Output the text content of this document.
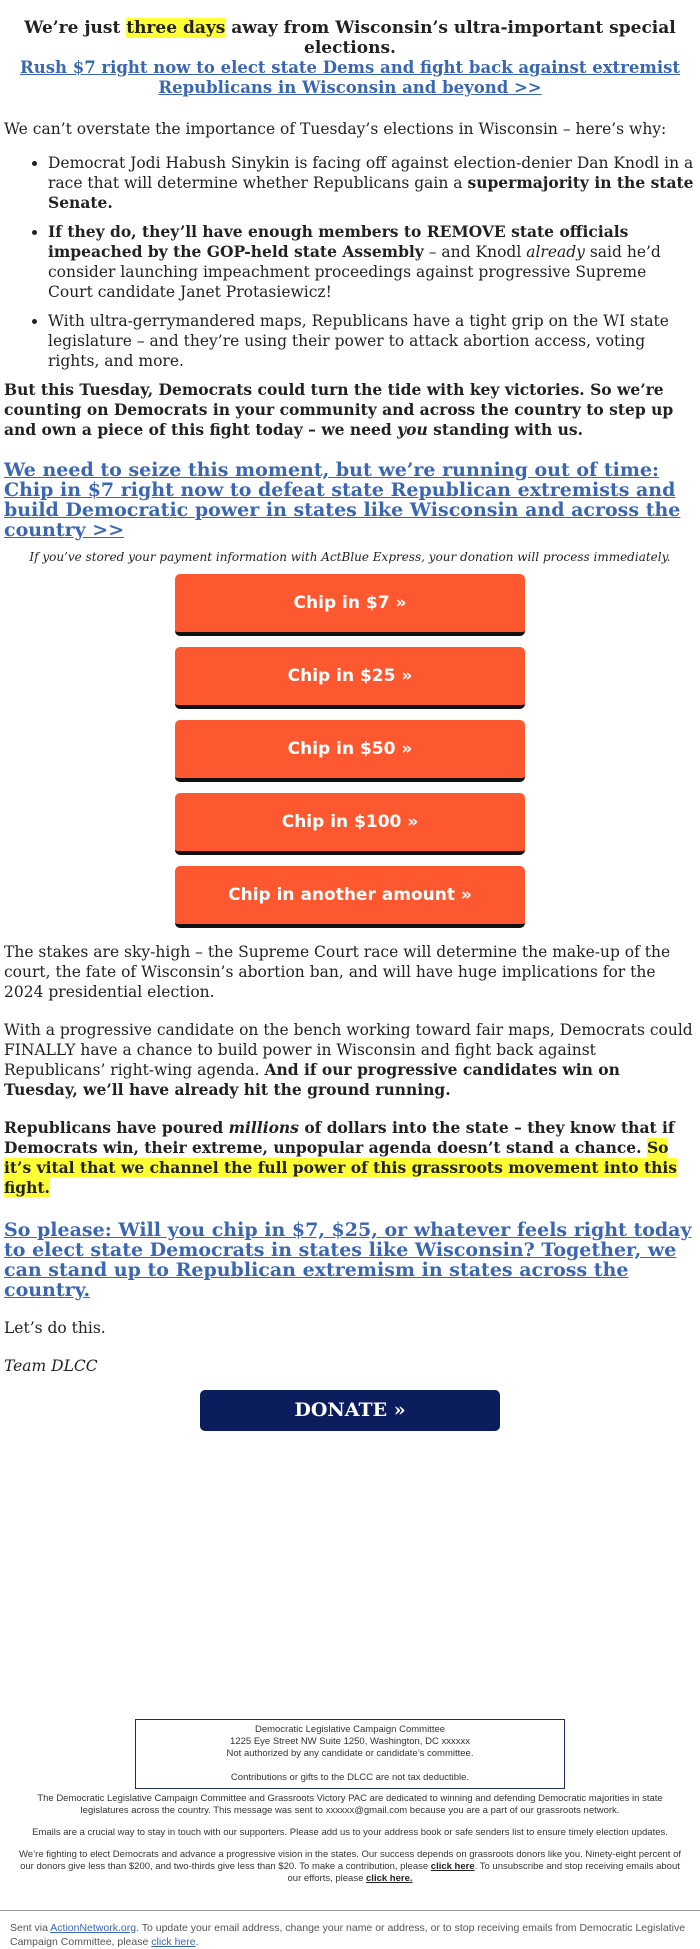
We’re just three days away from Wisconsin’s ultra-important special elections.
Rush $7 right now to elect state Dems and fight back against extremist Republicans in Wisconsin and beyond >>

We can’t overstate the importance of Tuesday’s elections in Wisconsin – here’s why:

• Democrat Jodi Habush Sinykin is facing off against election-denier Dan Knodl in a race that will determine whether Republicans gain a supermajority in the state Senate.
• If they do, they’ll have enough members to REMOVE state officials impeached by the GOP-held state Assembly – and Knodl already said he’d consider launching impeachment proceedings against progressive Supreme Court candidate Janet Protasiewicz!
• With ultra-gerrymandered maps, Republicans have a tight grip on the WI state legislature – and they’re using their power to attack abortion access, voting rights, and more.

But this Tuesday, Democrats could turn the tide with key victories. So we’re counting on Democrats in your community and across the country to step up and own a piece of this fight today – we need you standing with us.

We need to seize this moment, but we’re running out of time: Chip in $7 right now to defeat state Republican extremists and build Democratic power in states like Wisconsin and across the country >>

If you’ve stored your payment information with ActBlue Express, your donation will process immediately.

Chip in $7 »
Chip in $25 »
Chip in $50 »
Chip in $100 »
Chip in another amount »

The stakes are sky-high – the Supreme Court race will determine the make-up of the court, the fate of Wisconsin’s abortion ban, and will have huge implications for the 2024 presidential election.

With a progressive candidate on the bench working toward fair maps, Democrats could FINALLY have a chance to build power in Wisconsin and fight back against Republicans’ right-wing agenda. And if our progressive candidates win on Tuesday, we’ll have already hit the ground running.

Republicans have poured millions of dollars into the state – they know that if Democrats win, their extreme, unpopular agenda doesn’t stand a chance. So it’s vital that we channel the full power of this grassroots movement into this fight.

So please: Will you chip in $7, $25, or whatever feels right today to elect state Democrats in states like Wisconsin? Together, we can stand up to Republican extremism in states across the country.

Let’s do this.

Team DLCC

DONATE »
Democratic Legislative Campaign Committee
1225 Eye Street NW Suite 1250, Washington, DC xxxxxx
Not authorized by any candidate or candidate’s committee.
Contributions or gifts to the DLCC are not tax deductible.

The Democratic Legislative Campaign Committee and Grassroots Victory PAC are dedicated to winning and defending Democratic majorities in state legislatures across the country. This message was sent to xxxxxx@gmail.com because you are a part of our grassroots network.

Emails are a crucial way to stay in touch with our supporters. Please add us to your address book or safe senders list to ensure timely election updates.

We’re fighting to elect Democrats and advance a progressive vision in the states. Our success depends on grassroots donors like you. Ninety-eight percent of our donors give less than $200, and two-thirds give less than $20. To make a contribution, please click here. To unsubscribe and stop receiving emails about our efforts, please click here.

Sent via ActionNetwork.org. To update your email address, change your name or address, or to stop receiving emails from Democratic Legislative Campaign Committee, please click here.
